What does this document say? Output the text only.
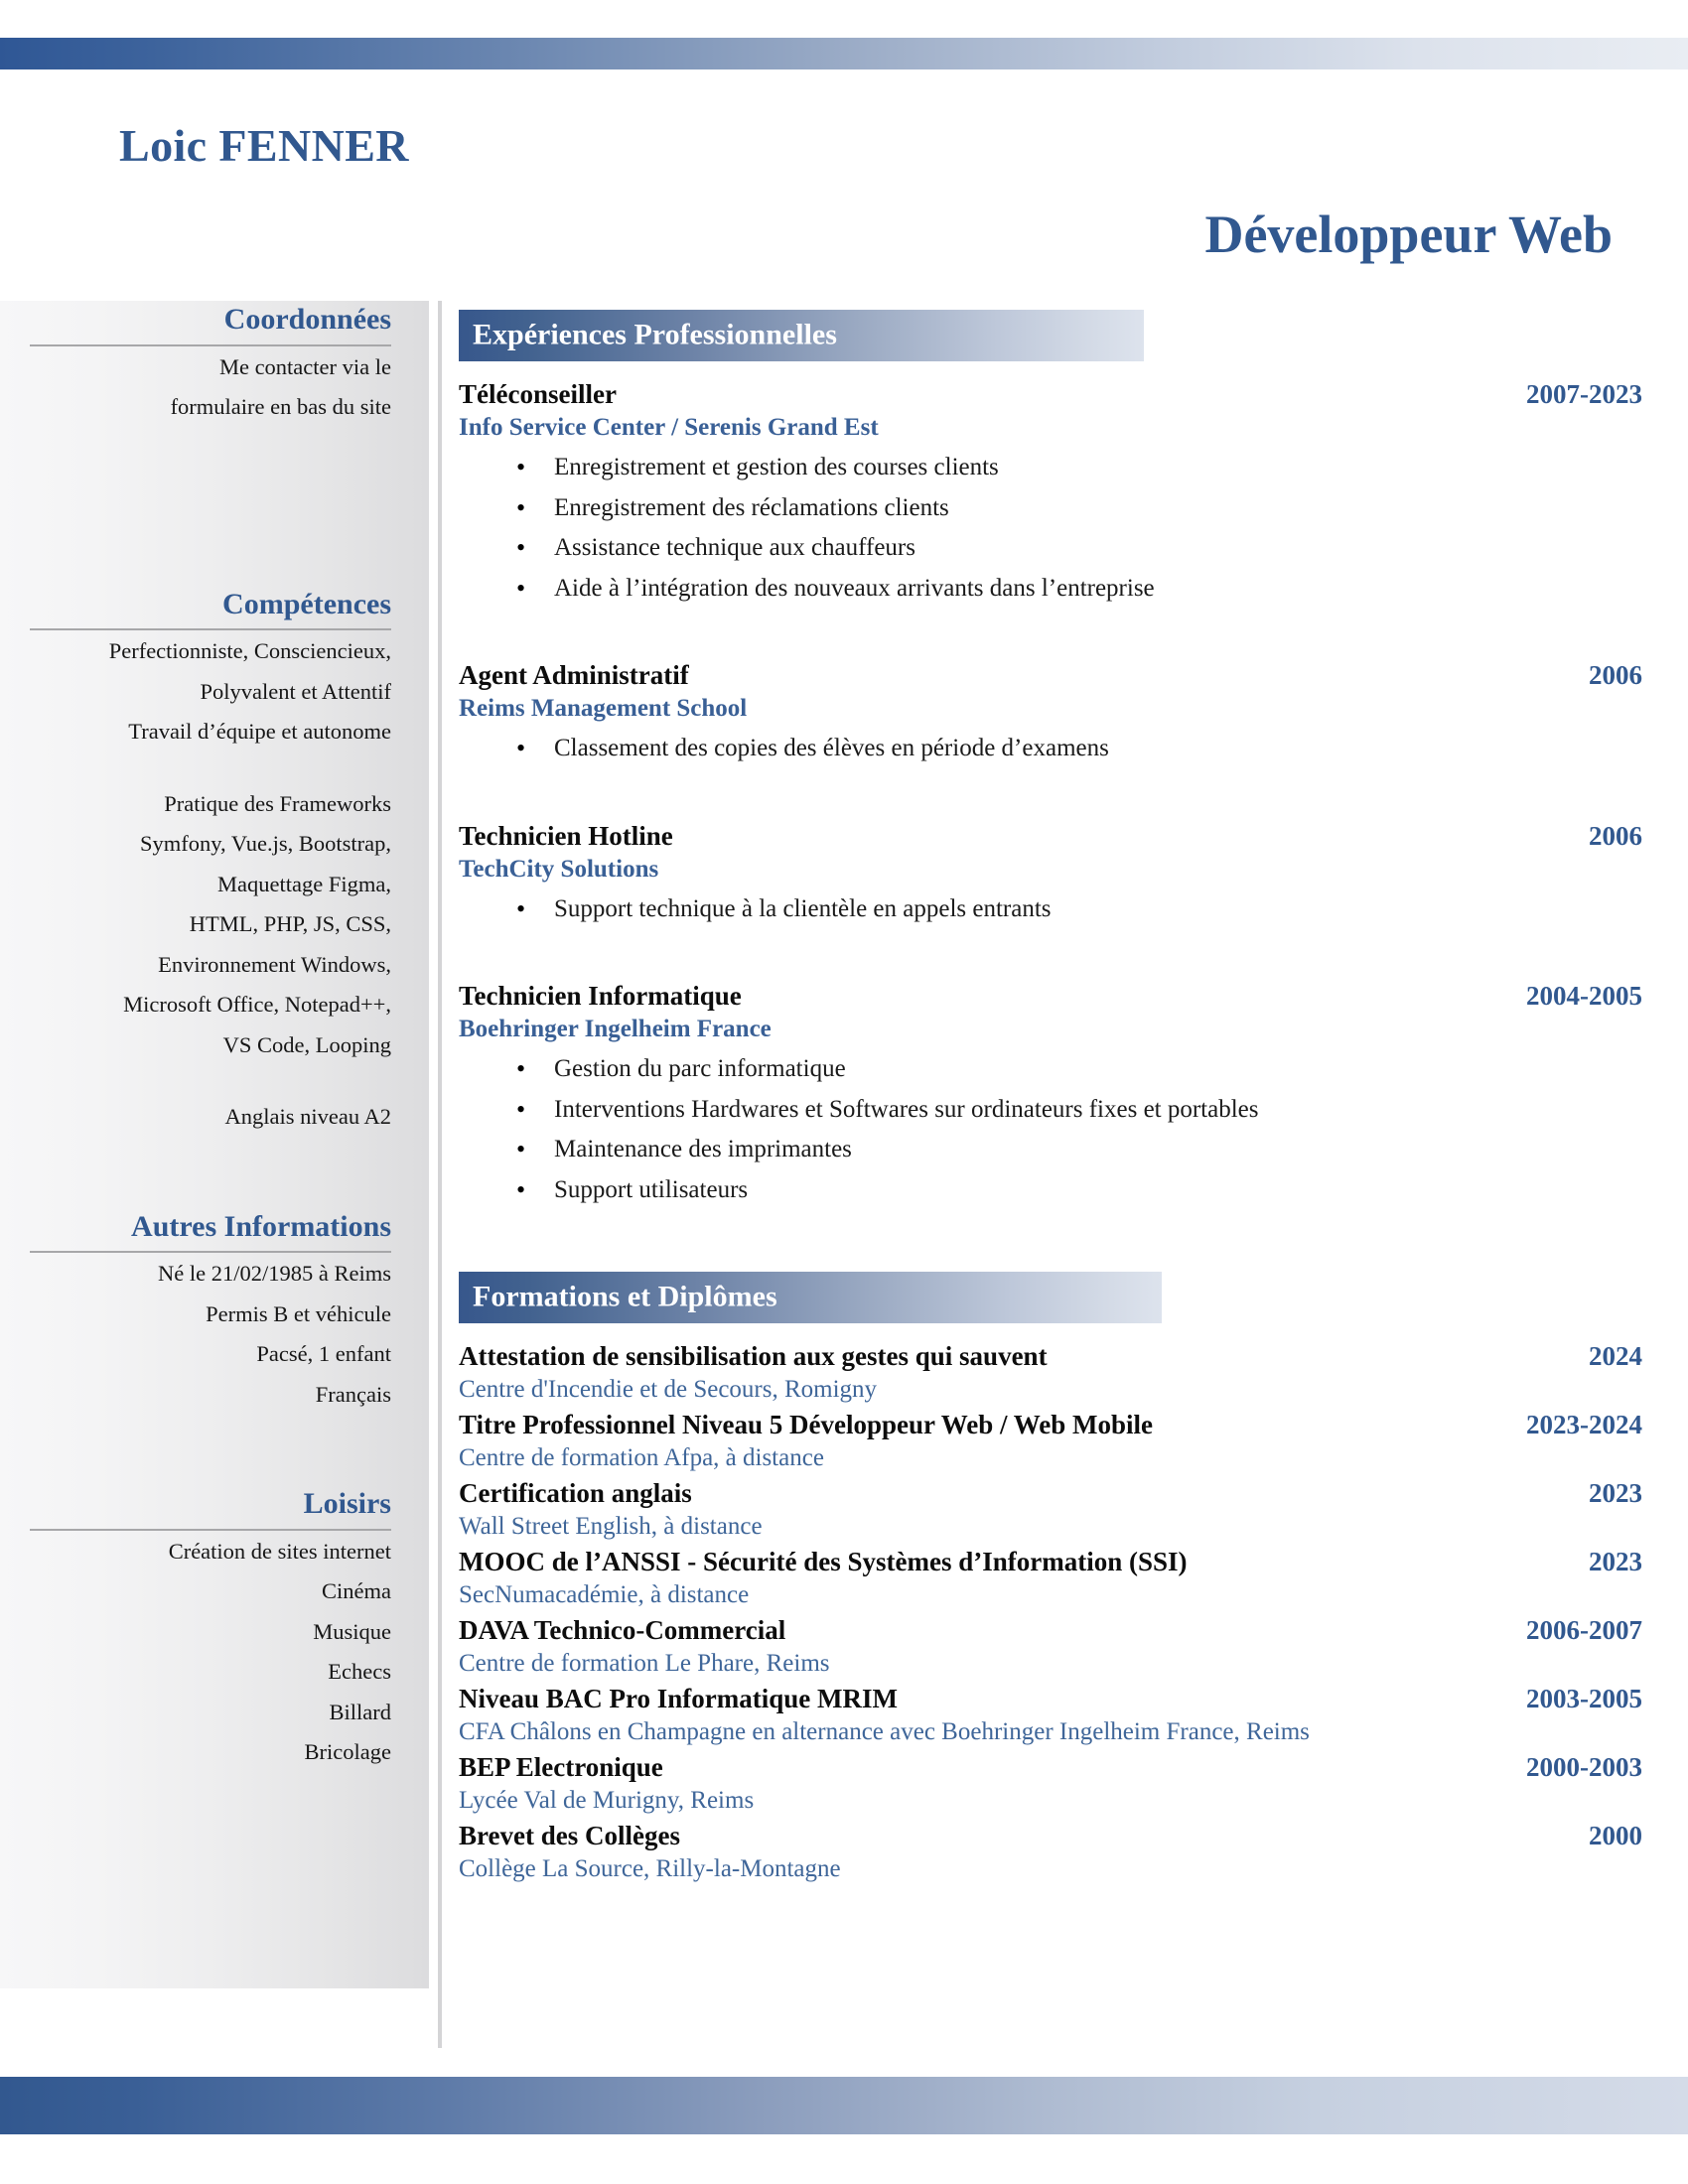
Loic FENNER
Développeur Web
Coordonnées
Me contacter via le
formulaire en bas du site
Compétences
Perfectionniste, Consciencieux,
Polyvalent et Attentif
Travail d’équipe et autonome
Pratique des Frameworks
Symfony, Vue.js, Bootstrap,
Maquettage Figma,
HTML, PHP, JS, CSS,
Environnement Windows,
Microsoft Office, Notepad++,
VS Code, Looping
Anglais niveau A2
Autres Informations
Né le 21/02/1985 à Reims
Permis B et véhicule
Pacsé, 1 enfant
Français
Loisirs
Création de sites internet
Cinéma
Musique
Echecs
Billard
Bricolage
Expériences Professionnelles
Téléconseiller	2007-2023
Info Service Center / Serenis Grand Est
• Enregistrement et gestion des courses clients
• Enregistrement des réclamations clients
• Assistance technique aux chauffeurs
• Aide à l’intégration des nouveaux arrivants dans l’entreprise
Agent Administratif	2006
Reims Management School
• Classement des copies des élèves en période d’examens
Technicien Hotline	2006
TechCity Solutions
• Support technique à la clientèle en appels entrants
Technicien Informatique	2004-2005
Boehringer Ingelheim France
• Gestion du parc informatique
• Interventions Hardwares et Softwares sur ordinateurs fixes et portables
• Maintenance des imprimantes
• Support utilisateurs
Formations et Diplômes
Attestation de sensibilisation aux gestes qui sauvent	2024
Centre d'Incendie et de Secours, Romigny
Titre Professionnel Niveau 5 Développeur Web / Web Mobile	2023-2024
Centre de formation Afpa, à distance
Certification anglais	2023
Wall Street English, à distance
MOOC de l’ANSSI - Sécurité des Systèmes d’Information (SSI)	2023
SecNumacadémie, à distance
DAVA Technico-Commercial	2006-2007
Centre de formation Le Phare, Reims
Niveau BAC Pro Informatique MRIM	2003-2005
CFA Châlons en Champagne en alternance avec Boehringer Ingelheim France, Reims
BEP Electronique	2000-2003
Lycée Val de Murigny, Reims
Brevet des Collèges	2000
Collège La Source, Rilly-la-Montagne
